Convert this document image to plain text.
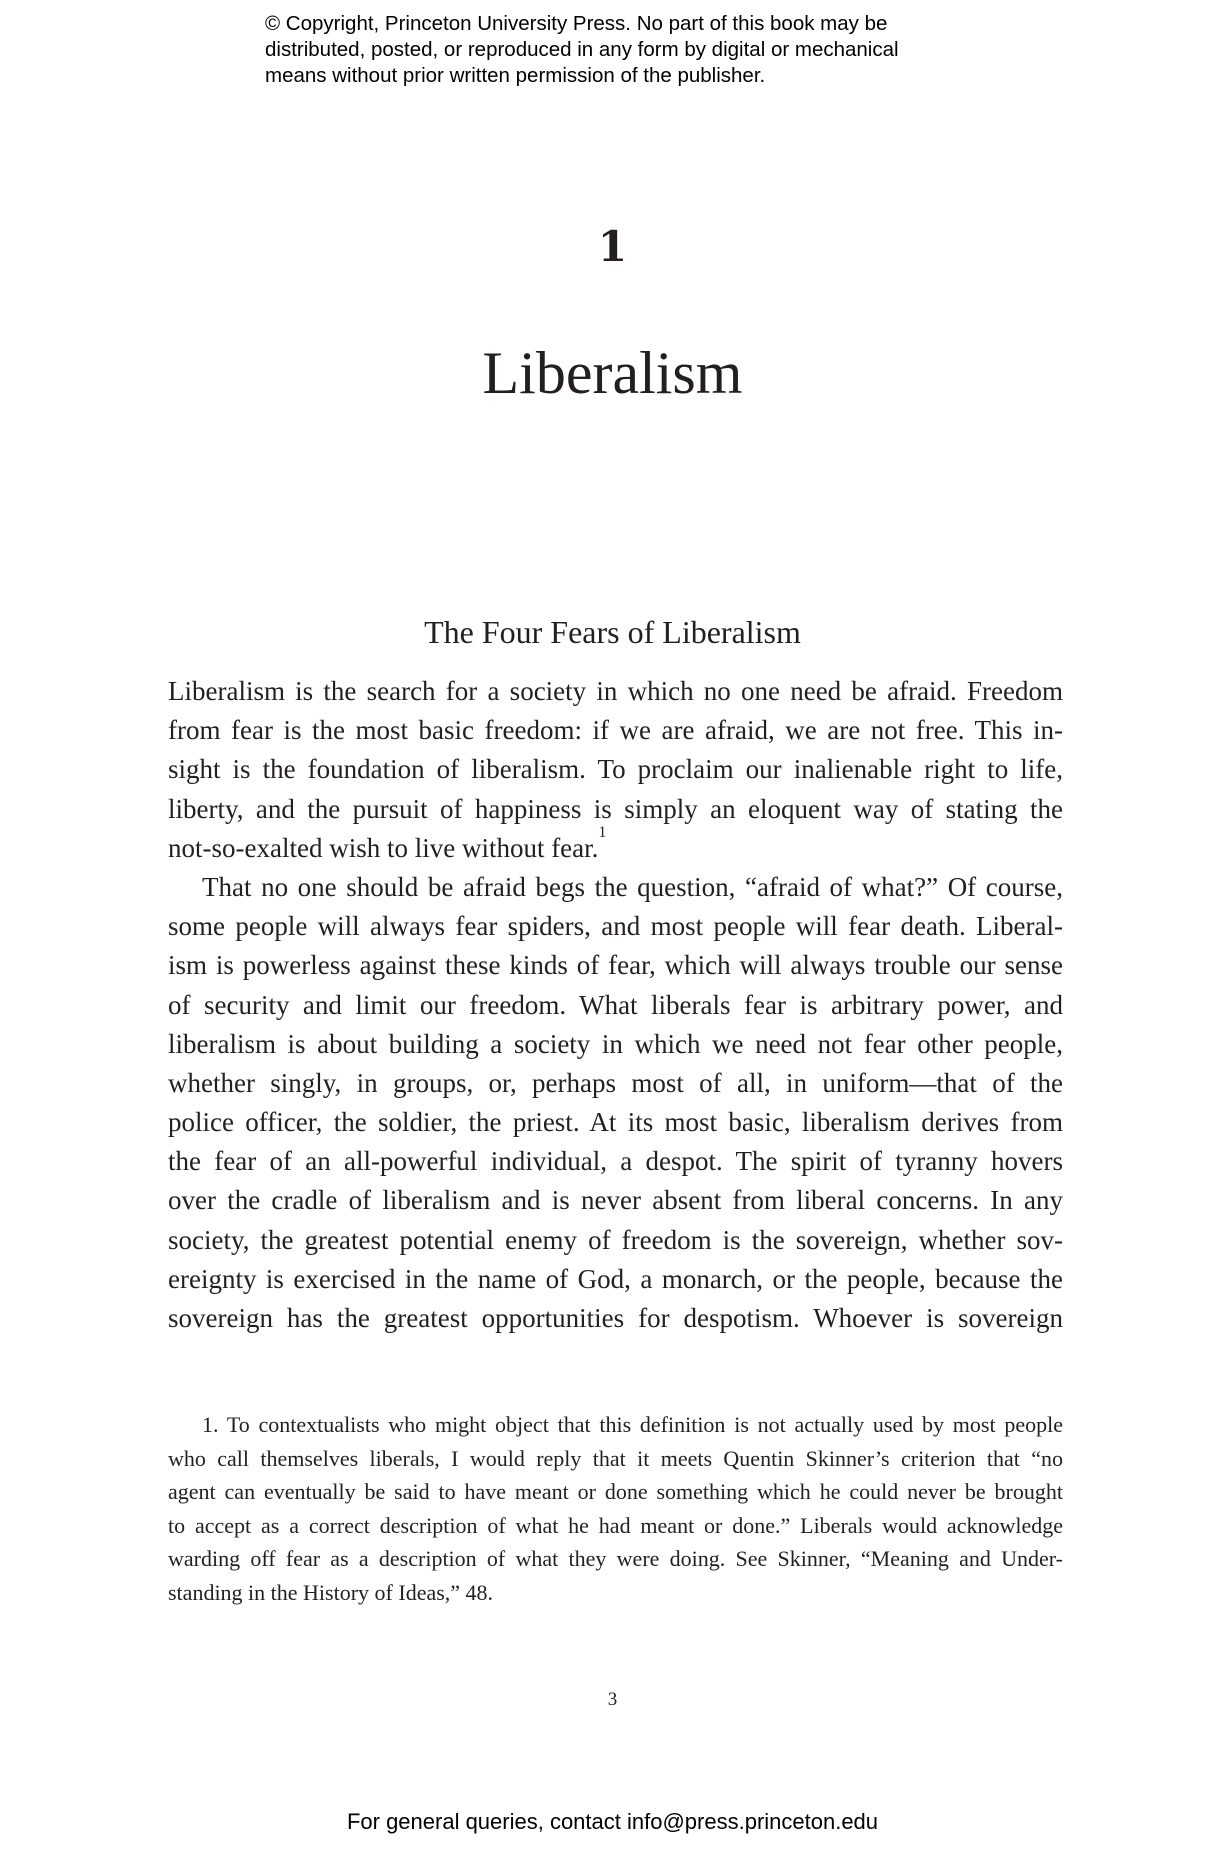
© Copyright, Princeton University Press. No part of this book may be
distributed, posted, or reproduced in any form by digital or mechanical
means without prior written permission of the publisher.
1
Liberalism
The Four Fears of Liberalism
Liberalism is the search for a society in which no one need be afraid. Freedom
from fear is the most basic freedom: if we are afraid, we are not free. This in-
sight is the foundation of liberalism. To proclaim our inalienable right to life,
liberty, and the pursuit of happiness is simply an eloquent way of stating the
not-so-exalted wish to live without fear.$^1$
That no one should be afraid begs the question, “afraid of what?” Of course,
some people will always fear spiders, and most people will fear death. Liberal-
ism is powerless against these kinds of fear, which will always trouble our sense
of security and limit our freedom. What liberals fear is arbitrary power, and
liberalism is about building a society in which we need not fear other people,
whether singly, in groups, or, perhaps most of all, in uniform—that of the
police officer, the soldier, the priest. At its most basic, liberalism derives from
the fear of an all-powerful individual, a despot. The spirit of tyranny hovers
over the cradle of liberalism and is never absent from liberal concerns. In any
society, the greatest potential enemy of freedom is the sovereign, whether sov-
ereignty is exercised in the name of God, a monarch, or the people, because the
sovereign has the greatest opportunities for despotism. Whoever is sovereign
1. To contextualists who might object that this definition is not actually used by most people
who call themselves liberals, I would reply that it meets Quentin Skinner’s criterion that “no
agent can eventually be said to have meant or done something which he could never be brought
to accept as a correct description of what he had meant or done.” Liberals would acknowledge
warding off fear as a description of what they were doing. See Skinner, “Meaning and Under-
standing in the History of Ideas,” 48.
3
For general queries, contact info@press.princeton.edu
